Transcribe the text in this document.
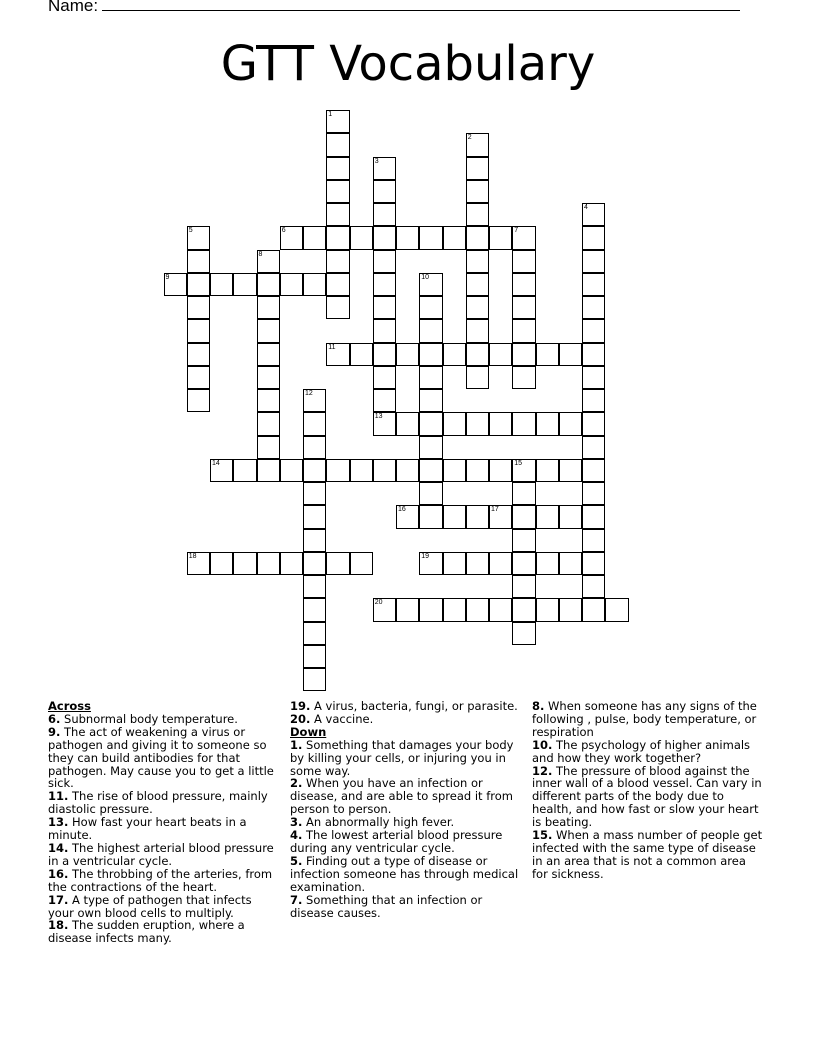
Name:
GTT Vocabulary
1
2
3
13
4
5	6	7
8
9	10
11
12
14	15
16	17
18	19
20
Across

6. Subnormal body temperature.

9. The act of weakening a virus or pathogen and giving it to someone so they can build antibodies for that pathogen. May cause you to get a little sick.

11. The rise of blood pressure, mainly diastolic pressure.

13. How fast your heart beats in a minute.

14. The highest arterial blood pressure in a ventricular cycle.

16. The throbbing of the arteries, from the contractions of the heart.

17. A type of pathogen that infects your own blood cells to multiply.

18. The sudden eruption, where a disease infects many.

19. A virus, bacteria, fungi, or parasite.

20. A vaccine.

Down

1. Something that damages your body by killing your cells, or injuring you in some way.

2. When you have an infection or disease, and are able to spread it from person to person.

3. An abnormally high fever.

4. The lowest arterial blood pressure during any ventricular cycle.

5. Finding out a type of disease or infection someone has through medical examination.

7. Something that an infection or disease causes.

8. When someone has any signs of the following , pulse, body temperature, or respiration

10. The psychology of higher animals and how they work together?

12. The pressure of blood against the inner wall of a blood vessel. Can vary in different parts of the body due to health, and how fast or slow your heart is beating.

15. When a mass number of people get infected with the same type of disease in an area that is not a common area for sickness.
